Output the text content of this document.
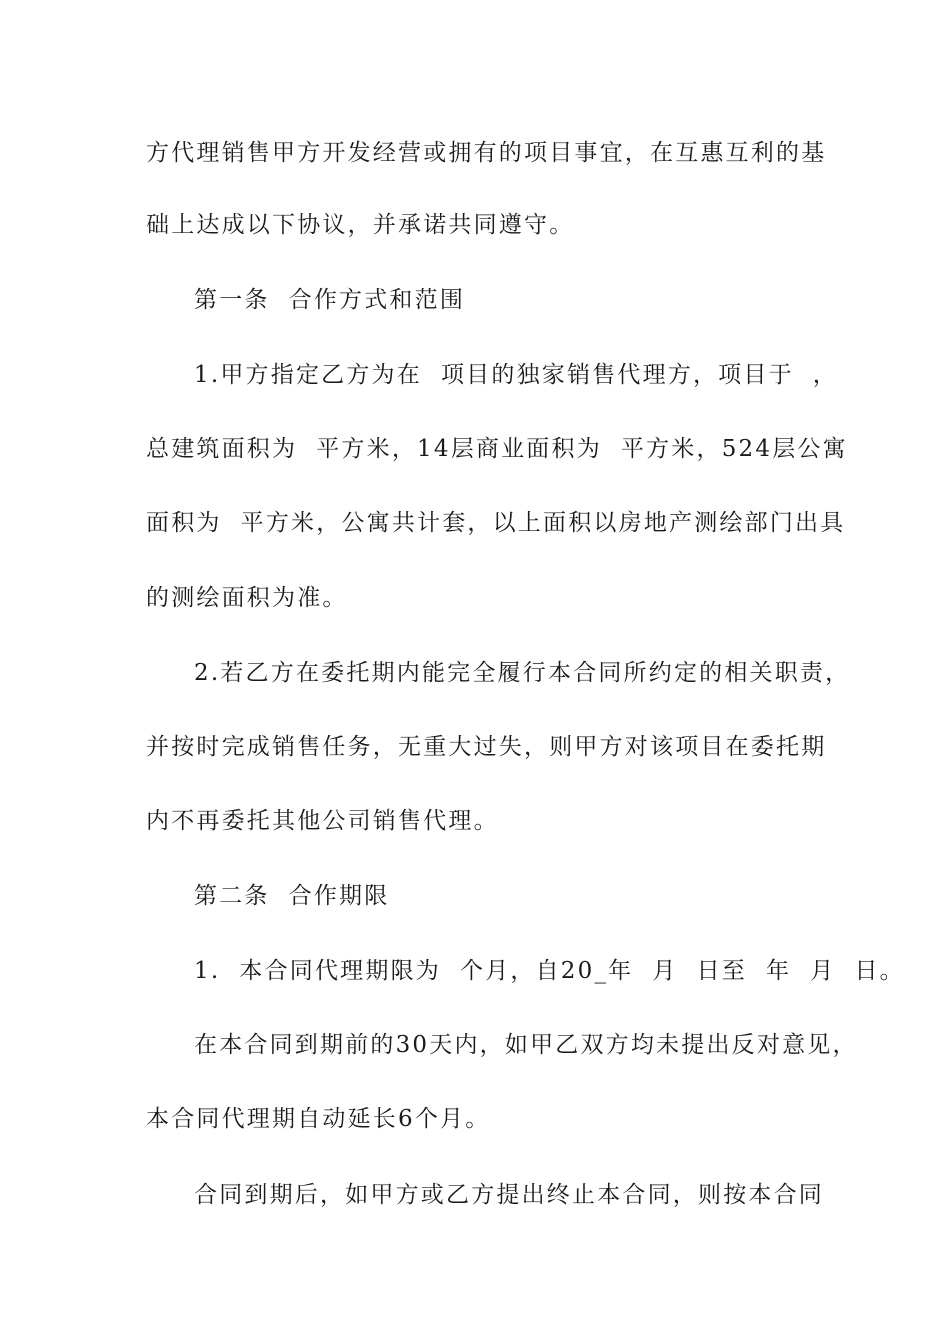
方代理销售甲方开发经营或拥有的项目事宜，在互惠互利的基

础上达成以下协议，并承诺共同遵守。

第一条  合作方式和范围

1.甲方指定乙方为在  项目的独家销售代理方，项目于  ，

总建筑面积为  平方米，14层商业面积为  平方米，524层公寓

面积为  平方米，公寓共计套，以上面积以房地产测绘部门出具

的测绘面积为准。

2.若乙方在委托期内能完全履行本合同所约定的相关职责，

并按时完成销售任务，无重大过失，则甲方对该项目在委托期

内不再委托其他公司销售代理。

第二条  合作期限

1.  本合同代理期限为  个月，自20_年  月  日至  年  月  日。

在本合同到期前的30天内，如甲乙双方均未提出反对意见，

本合同代理期自动延长6个月。

合同到期后，如甲方或乙方提出终止本合同，则按本合同
